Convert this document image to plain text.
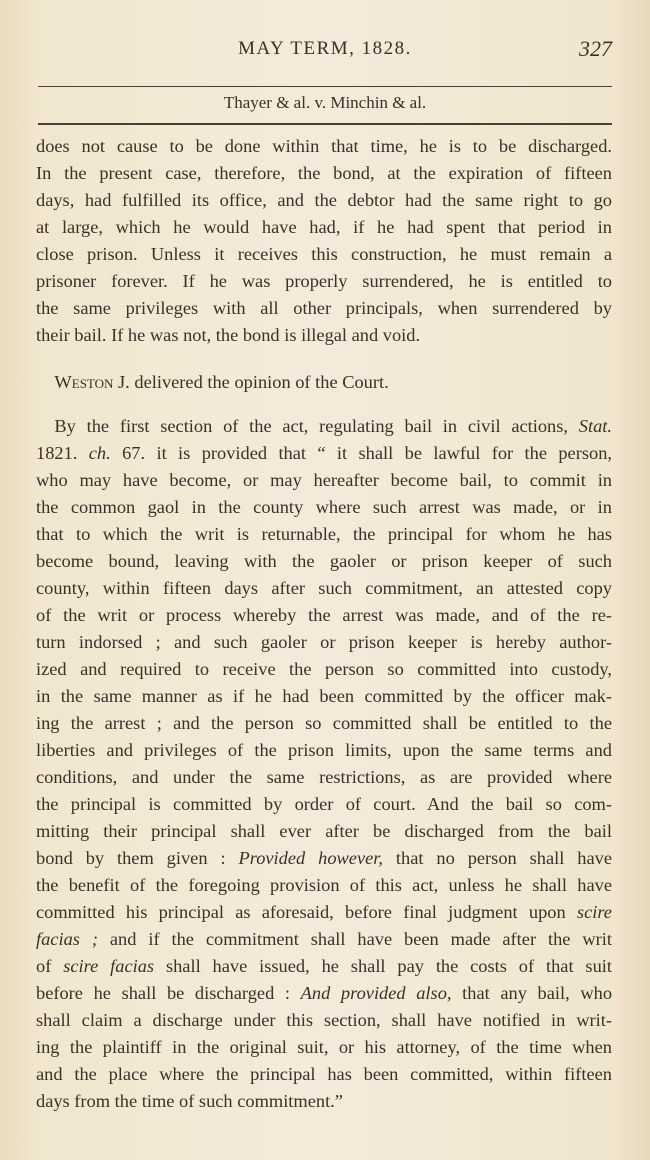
MAY TERM, 1828.	327
Thayer & al. v. Minchin & al.

does not cause to be done within that time, he is to be discharged.

In the present case, therefore, the bond, at the expiration of fifteen

days, had fulfilled its office, and the debtor had the same right to go

at large, which he would have had, if he had spent that period in

close prison. Unless it receives this construction, he must remain a

prisoner forever. If he was properly surrendered, he is entitled to

the same privileges with all other principals, when surrendered by

their bail. If he was not, the bond is illegal and void.

 Weston J. delivered the opinion of the Court.

 By the first section of the act, regulating bail in civil actions, Stat.

1821. ch. 67. it is provided that “ it shall be lawful for the person,

who may have become, or may hereafter become bail, to commit in

the common gaol in the county where such arrest was made, or in

that to which the writ is returnable, the principal for whom he has

become bound, leaving with the gaoler or prison keeper of such

county, within fifteen days after such commitment, an attested copy

of the writ or process whereby the arrest was made, and of the re-

turn indorsed ; and such gaoler or prison keeper is hereby author-

ized and required to receive the person so committed into custody,

in the same manner as if he had been committed by the officer mak-

ing the arrest ; and the person so committed shall be entitled to the

liberties and privileges of the prison limits, upon the same terms and

conditions, and under the same restrictions, as are provided where

the principal is committed by order of court. And the bail so com-

mitting their principal shall ever after be discharged from the bail

bond by them given : Provided however, that no person shall have

the benefit of the foregoing provision of this act, unless he shall have

committed his principal as aforesaid, before final judgment upon scire

facias ; and if the commitment shall have been made after the writ

of scire facias shall have issued, he shall pay the costs of that suit

before he shall be discharged : And provided also, that any bail, who

shall claim a discharge under this section, shall have notified in writ-

ing the plaintiff in the original suit, or his attorney, of the time when

and the place where the principal has been committed, within fifteen

days from the time of such commitment.”
